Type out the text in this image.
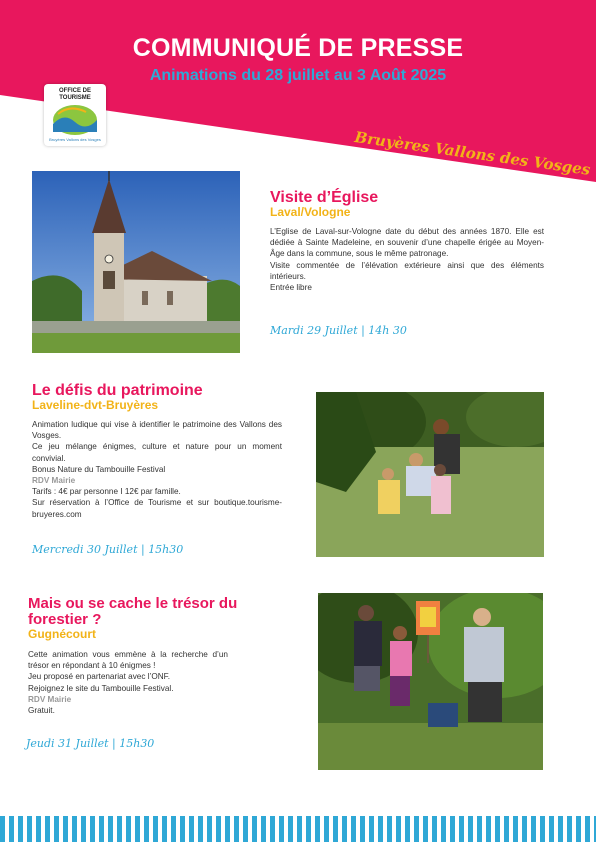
COMMUNIQUÉ DE PRESSE
Animations du 28 juillet au 3 Août 2025
OFFICE DE TOURISME
Bruyères Vallons des Vosges	Bruyères Vallons des Vosges
Visite d’Église
Laval/Vologne

L’Eglise de Laval-sur-Vologne date du début des années 1870. Elle est dédiée à Sainte Madeleine, en souvenir d’une chapelle érigée au Moyen-Âge dans la commune, sous le même patronage.

Visite commentée de l’élévation extérieure ainsi que des éléments intérieurs.

Entrée libre

Mardi 29 Juillet | 14h 30
Le défis du patrimoine
Laveline-dvt-Bruyères

Animation ludique qui vise à identifier le patrimoine des Vallons des Vosges.

Ce jeu mélange énigmes, culture et nature pour un moment convivial.

Bonus Nature du Tambouille Festival

RDV Mairie

Tarifs : 4€ par personne I 12€ par famille.

Sur réservation à l’Office de Tourisme et sur boutique.tourisme-bruyeres.com

Mercredi 30 Juillet | 15h30
Mais ou se cache le trésor du forestier ?
Gugnécourt

Cette animation vous emmène à la recherche d’un trésor en répondant à 10 énigmes !

Jeu proposé en partenariat avec l’ONF.

Rejoignez le site du Tambouille Festival.

RDV Mairie

Gratuit.

Jeudi 31 Juillet | 15h30
